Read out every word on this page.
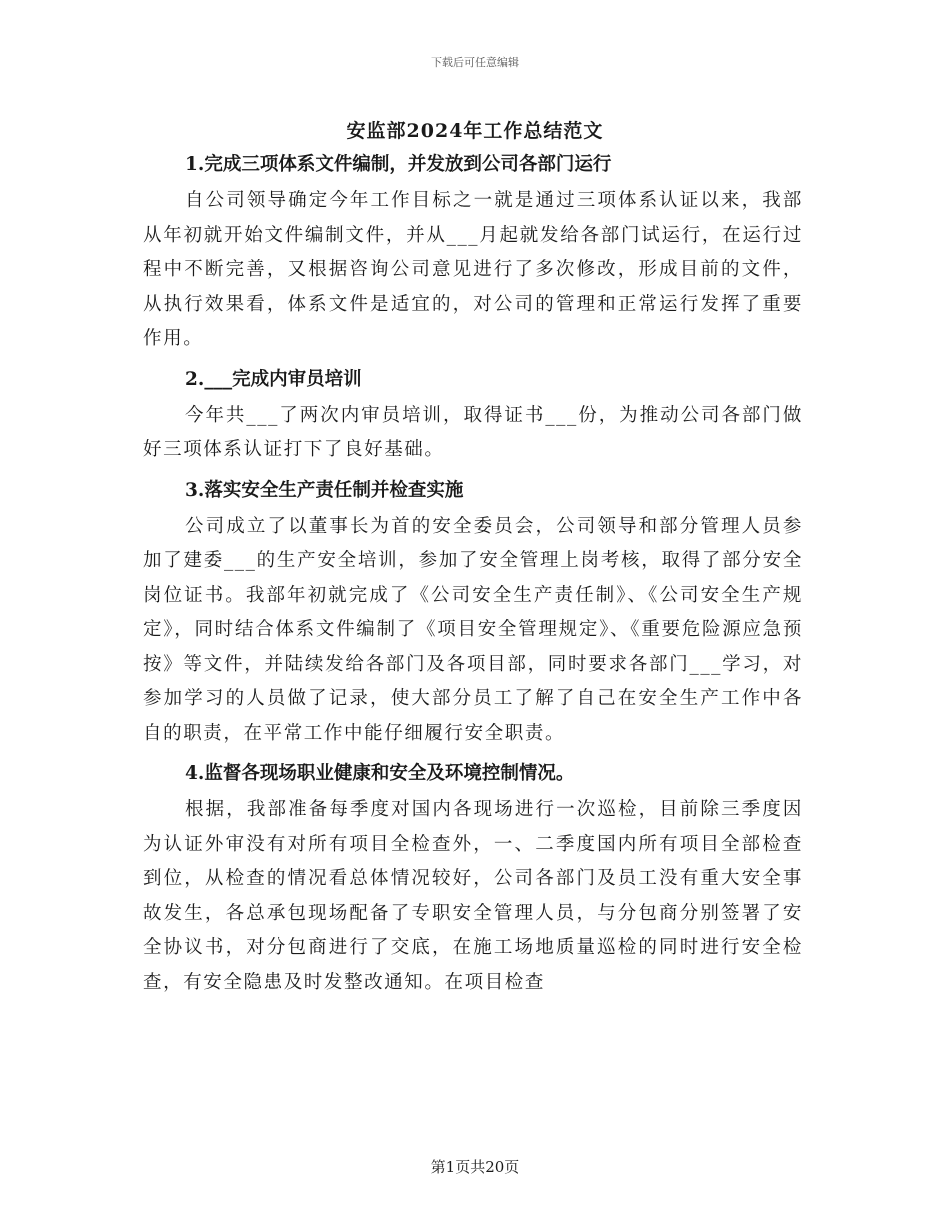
下载后可任意编辑
安监部2024年工作总结范文
1.完成三项体系文件编制，并发放到公司各部门运行
自公司领导确定今年工作目标之一就是通过三项体系认证以来，我部从年初就开始文件编制文件，并从___月起就发给各部门试运行，在运行过程中不断完善，又根据咨询公司意见进行了多次修改，形成目前的文件，从执行效果看，体系文件是适宜的，对公司的管理和正常运行发挥了重要作用。
2.___完成内审员培训
今年共___了两次内审员培训，取得证书___份，为推动公司各部门做好三项体系认证打下了良好基础。
3.落实安全生产责任制并检查实施
公司成立了以董事长为首的安全委员会，公司领导和部分管理人员参加了建委___的生产安全培训，参加了安全管理上岗考核，取得了部分安全岗位证书。我部年初就完成了《公司安全生产责任制》、《公司安全生产规定》，同时结合体系文件编制了《项目安全管理规定》、《重要危险源应急预按》等文件，并陆续发给各部门及各项目部，同时要求各部门___学习，对参加学习的人员做了记录，使大部分员工了解了自己在安全生产工作中各自的职责，在平常工作中能仔细履行安全职责。
4.监督各现场职业健康和安全及环境控制情况。
根据，我部准备每季度对国内各现场进行一次巡检，目前除三季度因为认证外审没有对所有项目全检查外，一、二季度国内所有项目全部检查到位，从检查的情况看总体情况较好，公司各部门及员工没有重大安全事故发生，各总承包现场配备了专职安全管理人员，与分包商分别签署了安全协议书，对分包商进行了交底，在施工场地质量巡检的同时进行安全检查，有安全隐患及时发整改通知。在项目检查
第1页共20页
